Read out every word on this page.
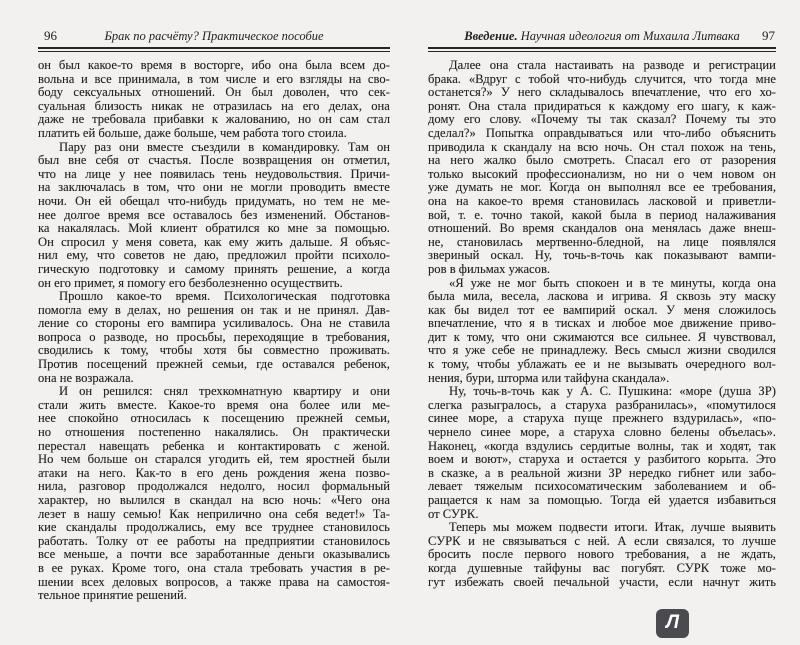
96	Брак по расчёту? Практическое пособие
он был какое-то время в восторге, ибо она была всем до-
вольна и все принимала, в том числе и его взгляды на сво-
боду сексуальных отношений. Он был доволен, что сек-
суальная близость никак не отразилась на его делах, она
даже не требовала прибавки к жалованию, но он сам стал
платить ей больше, даже больше, чем работа того стоила.
Пару раз они вместе съездили в командировку. Там он
был вне себя от счастья. После возвращения он отметил,
что на лице у нее появилась тень неудовольствия. Причи-
на заключалась в том, что они не могли проводить вместе
ночи. Он ей обещал что-нибудь придумать, но тем не ме-
нее долгое время все оставалось без изменений. Обстанов-
ка накалялась. Мой клиент обратился ко мне за помощью.
Он спросил у меня совета, как ему жить дальше. Я объяс-
нил ему, что советов не даю, предложил пройти психоло-
гическую подготовку и самому принять решение, а когда
он его примет, я помогу его безболезненно осуществить.
Прошло какое-то время. Психологическая подготовка
помогла ему в делах, но решения он так и не принял. Дав-
ление со стороны его вампира усиливалось. Она не ставила
вопроса о разводе, но просьбы, переходящие в требования,
сводились к тому, чтобы хотя бы совместно проживать.
Против посещений прежней семьи, где оставался ребенок,
она не возражала.
И он решился: снял трехкомнатную квартиру и они
стали жить вместе. Какое-то время она более или ме-
нее спокойно относилась к посещению прежней семьи,
но отношения постепенно накалялись. Он практически
перестал навещать ребенка и контактировать с женой.
Но чем больше он старался угодить ей, тем яростней были
атаки на него. Как-то в его день рождения жена позво-
нила, разговор продолжался недолго, носил формальный
характер, но вылился в скандал на всю ночь: «Чего она
лезет в нашу семью! Как неприлично она себя ведет!» Та-
кие скандалы продолжались, ему все труднее становилось
работать. Толку от ее работы на предприятии становилось
все меньше, а почти все заработанные деньги оказывались
в ее руках. Кроме того, она стала требовать участия в ре-
шении всех деловых вопросов, а также права на самостоя-
тельное принятие решений.
Введение. Научная идеология от Михаила Литвака	97
Далее она стала настаивать на разводе и регистрации
брака. «Вдруг с тобой что-нибудь случится, что тогда мне
останется?» У него складывалось впечатление, что его хо-
ронят. Она стала придираться к каждому его шагу, к каж-
дому его слову. «Почему ты так сказал? Почему ты это
сделал?» Попытка оправдываться или что-либо объяснить
приводила к скандалу на всю ночь. Он стал похож на тень,
на него жалко было смотреть. Спасал его от разорения
только высокий профессионализм, но ни о чем новом он
уже думать не мог. Когда он выполнял все ее требования,
она на какое-то время становилась ласковой и приветли-
вой, т. е. точно такой, какой была в период налаживания
отношений. Во время скандалов она менялась даже внеш-
не, становилась мертвенно-бледной, на лице появлялся
звериный оскал. Ну, точь-в-точь как показывают вампи-
ров в фильмах ужасов.
«Я уже не мог быть спокоен и в те минуты, когда она
была мила, весела, ласкова и игрива. Я сквозь эту маску
как бы видел тот ее вампирий оскал. У меня сложилось
впечатление, что я в тисках и любое мое движение приво-
дит к тому, что они сжимаются все сильнее. Я чувствовал,
что я уже себе не принадлежу. Весь смысл жизни сводился
к тому, чтобы ублажать ее и не вызывать очередного вол-
нения, бури, шторма или тайфуна скандала».
Ну, точь-в-точь как у А. С. Пушкина: «море (душа ЗР)
слегка разыгралось, а старуха разбранилась», «помутилося
синее море, а старуха пуще прежнего вздурилась», «по-
чернело синее море, а старуха словно белены объелась».
Наконец, «когда вздулись сердитые волны, так и ходят, так
воем и воют», старуха и остается у разбитого корыта. Это
в сказке, а в реальной жизни ЗР нередко гибнет или забо-
левает тяжелым психосоматическим заболеванием и об-
ращается к нам за помощью. Тогда ей удается избавиться
от СУРК.
Теперь мы можем подвести итоги. Итак, лучше выявить
СУРК и не связываться с ней. А если связался, то лучше
бросить после первого нового требования, а не ждать,
когда душевные тайфуны вас погубят. СУРК тоже мо-
гут избежать своей печальной участи, если начнут жить
Л
